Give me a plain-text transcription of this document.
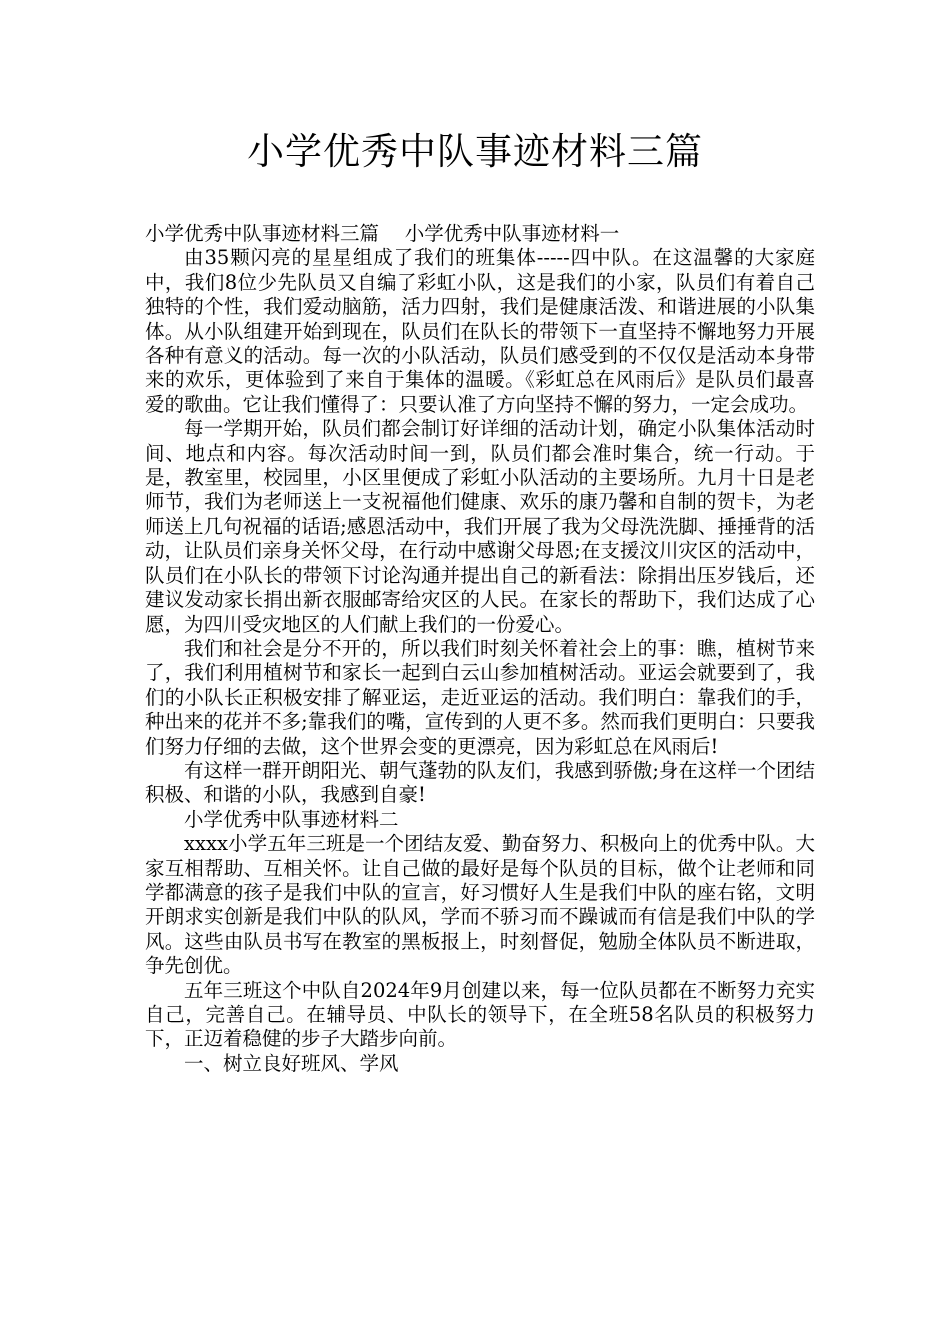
小学优秀中队事迹材料三篇

小学优秀中队事迹材料三篇　 小学优秀中队事迹材料一

由35颗闪亮的星星组成了我们的班集体-----四中队。在这温馨的大家庭中，我们8位少先队员又自编了彩虹小队，这是我们的小家，队员们有着自己独特的个性，我们爱动脑筋，活力四射，我们是健康活泼、和谐进展的小队集体。从小队组建开始到现在，队员们在队长的带领下一直坚持不懈地努力开展各种有意义的活动。每一次的小队活动，队员们感受到的不仅仅是活动本身带来的欢乐，更体验到了来自于集体的温暖。《彩虹总在风雨后》是队员们最喜爱的歌曲。它让我们懂得了：只要认准了方向坚持不懈的努力，一定会成功。

每一学期开始，队员们都会制订好详细的活动计划，确定小队集体活动时间、地点和内容。每次活动时间一到，队员们都会准时集合，统一行动。于是，教室里，校园里，小区里便成了彩虹小队活动的主要场所。九月十日是老师节，我们为老师送上一支祝福他们健康、欢乐的康乃馨和自制的贺卡，为老师送上几句祝福的话语;感恩活动中，我们开展了我为父母洗洗脚、捶捶背的活动，让队员们亲身关怀父母，在行动中感谢父母恩;在支援汶川灾区的活动中，队员们在小队长的带领下讨论沟通并提出自己的新看法：除捐出压岁钱后，还建议发动家长捐出新衣服邮寄给灾区的人民。在家长的帮助下，我们达成了心愿，为四川受灾地区的人们献上我们的一份爱心。

我们和社会是分不开的，所以我们时刻关怀着社会上的事：瞧，植树节来了，我们利用植树节和家长一起到白云山参加植树活动。亚运会就要到了，我们的小队长正积极安排了解亚运，走近亚运的活动。我们明白：靠我们的手，种出来的花并不多;靠我们的嘴，宣传到的人更不多。然而我们更明白：只要我们努力仔细的去做，这个世界会变的更漂亮，因为彩虹总在风雨后!

有这样一群开朗阳光、朝气蓬勃的队友们，我感到骄傲;身在这样一个团结积极、和谐的小队，我感到自豪!

小学优秀中队事迹材料二

xxxx小学五年三班是一个团结友爱、勤奋努力、积极向上的优秀中队。大家互相帮助、互相关怀。让自己做的最好是每个队员的目标，做个让老师和同学都满意的孩子是我们中队的宣言，好习惯好人生是我们中队的座右铭，文明开朗求实创新是我们中队的队风，学而不骄习而不躁诚而有信是我们中队的学风。这些由队员书写在教室的黑板报上，时刻督促，勉励全体队员不断进取，争先创优。

五年三班这个中队自2024年9月创建以来，每一位队员都在不断努力充实自己，完善自己。在辅导员、中队长的领导下，在全班58名队员的积极努力下，正迈着稳健的步子大踏步向前。

一、树立良好班风、学风
